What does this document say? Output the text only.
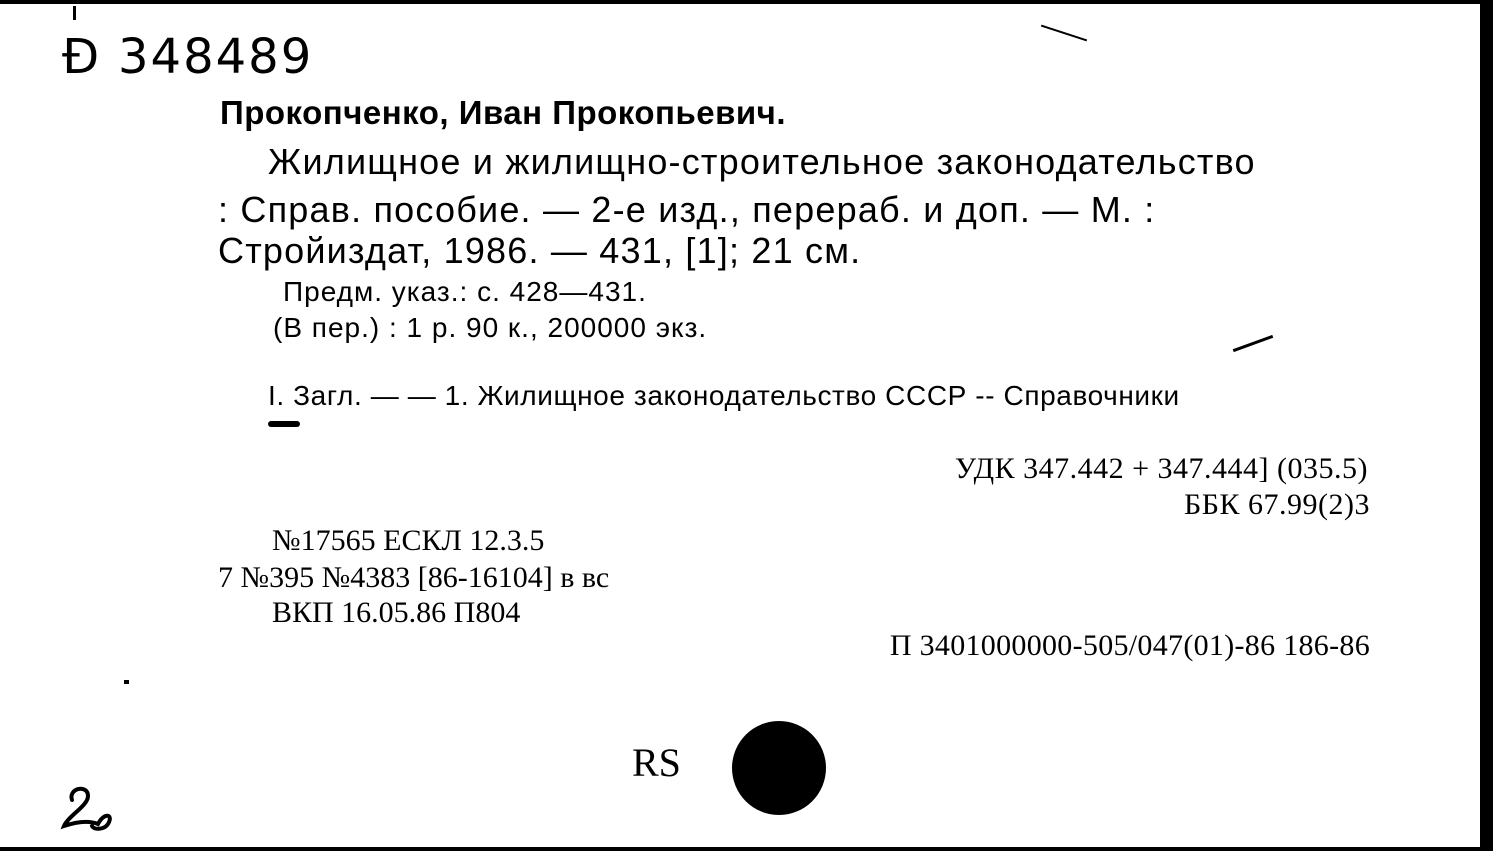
Ð 348489
Прокопченко, Иван Прокопьевич.
Жилищное и жилищно-строительное законодательство
: Справ. пособие. — 2-е изд., перераб. и доп. — М. :
Стройиздат, 1986. — 431, [1]; 21 см.
Предм. указ.: с. 428—431.
(В пер.) : 1 р. 90 к., 200000 экз.
I. Загл. — — 1. Жилищное законодательство СССР -- Справочники
УДК 347.442 + 347.444] (035.5)
ББК 67.99(2)3
№17565 ЕСКЛ 12.3.5
7 №395 №4383 [86-16104] в вс
ВКП 16.05.86 П804
П 3401000000-505/047(01)-86 186-86
RS
